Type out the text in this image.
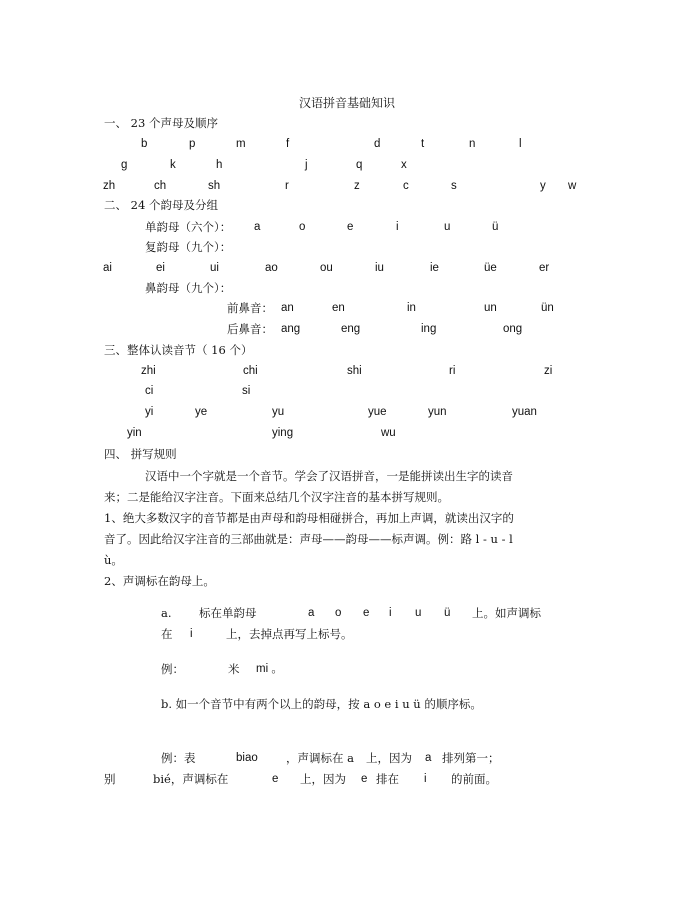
汉语拼音基础知识
一、 23 个声母及顺序
b	p	m	f	d	t	n	l
g	k	h	j	q	x
zh	ch	sh	r	z	c	s	y w
二、 24 个韵母及分组
单韵母（六个）： a	o	e	i	u	ü
复韵母（九个）：
ai	ei	ui	ao	ou	iu	ie	üe	er
鼻韵母（九个）：
前鼻音： an	en	in	un	ün
后鼻音： ang	eng	ing	ong
三、整体认读音节（ 16 个）
zhi	chi	shi	ri	zi
ci	si
yi	ye	yu	yue	yun	yuan
yin	ying	wu
四、 拼写规则
汉语中一个字就是一个音节。学会了汉语拼音，一是能拼读出生字的读音
来；二是能给汉字注音。下面来总结几个汉字注音的基本拼写规则。
1、绝大多数汉字的音节都是由声母和韵母相碰拼合，再加上声调，就读出汉字的
音了。因此给汉字注音的三部曲就是：声母——韵母——标声调。例：路 l - u - l
ù。
2、声调标在韵母上。
a. 标在单韵母	a o e i u ü 上。如声调标
在 i	上，去掉点再写上标号。
例：	米 mi 。
b. 如一个音节中有两个以上的韵母，按 a o e i u ü 的顺序标。
例：表	biao ，声调标在 a 上，因为 a 排列第一；
别	bié，声调标在	e 上，因为 e 排在 i 的前面。
